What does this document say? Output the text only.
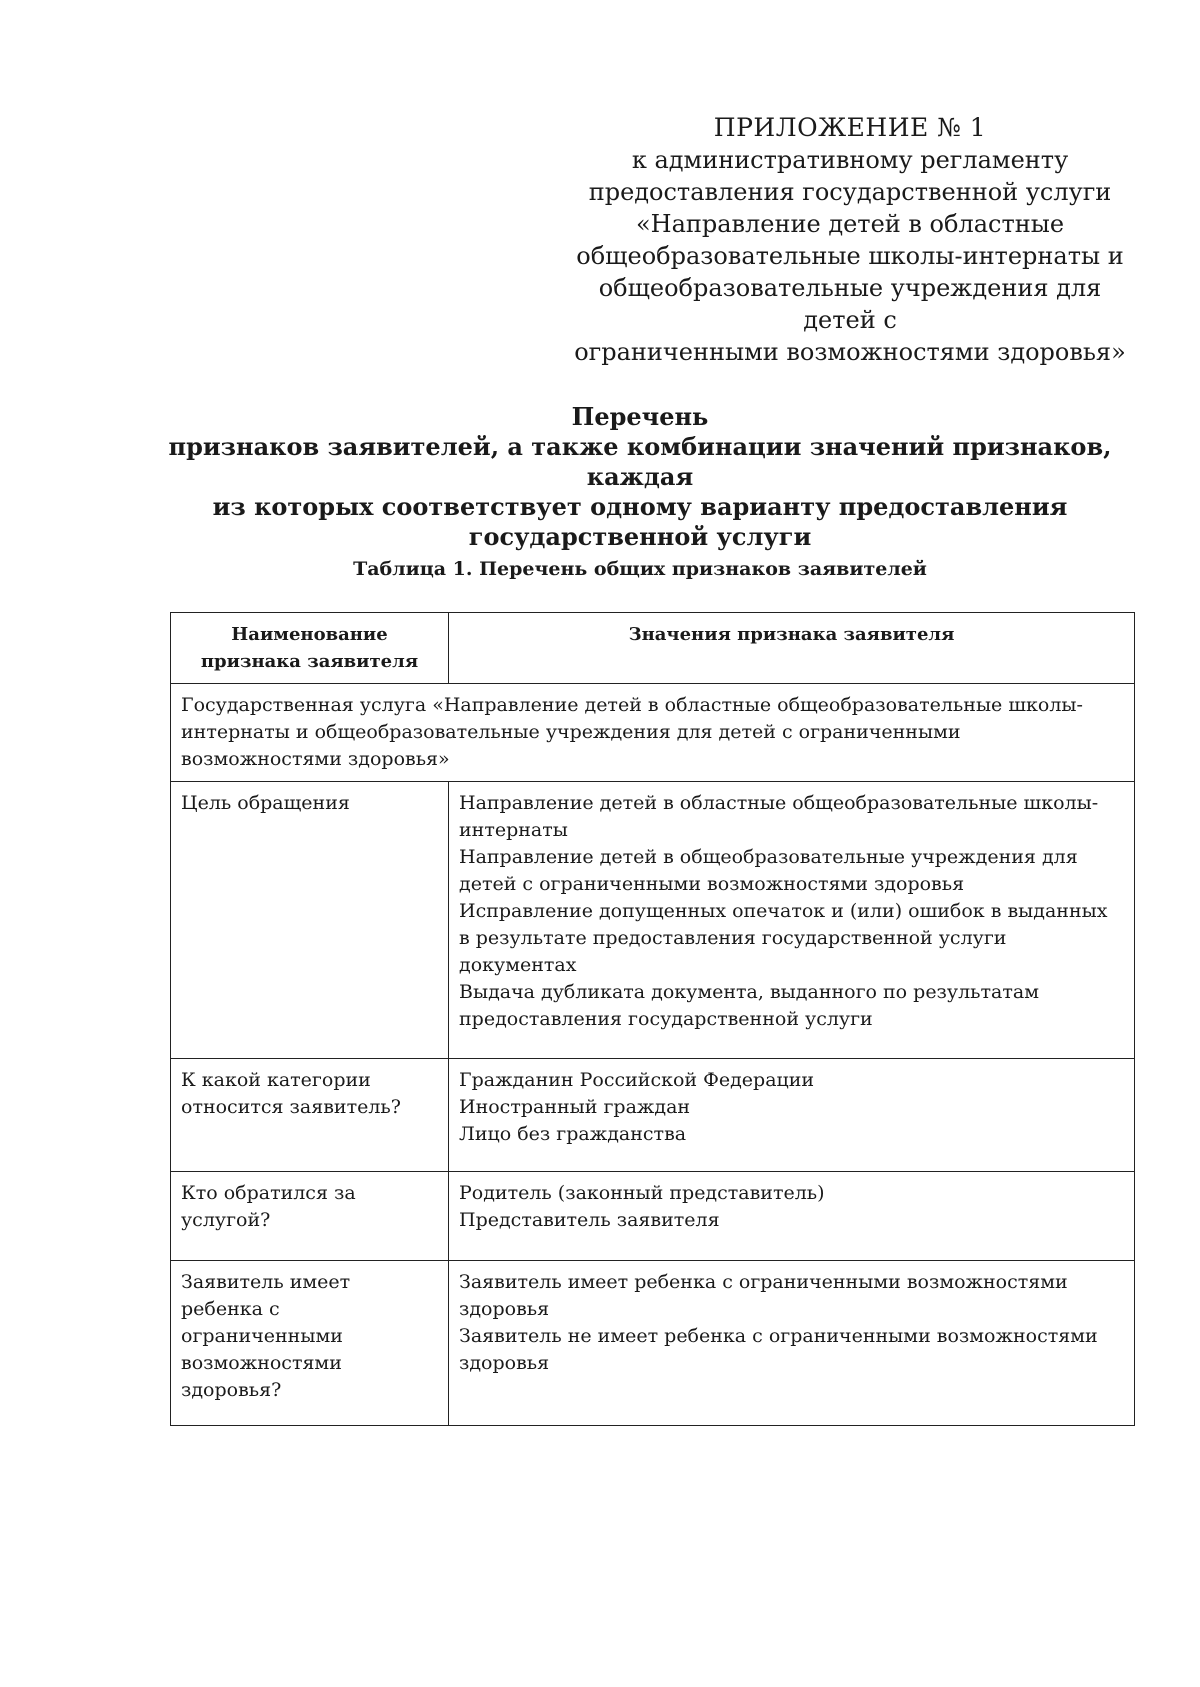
ПРИЛОЖЕНИЕ № 1
к административному регламенту
предоставления государственной услуги
«Направление детей в областные
общеобразовательные школы-интернаты и
общеобразовательные учреждения для детей с
ограниченными возможностями здоровья»
Перечень
признаков заявителей, а также комбинации значений признаков, каждая
из которых соответствует одному варианту предоставления
государственной услуги
Таблица 1. Перечень общих признаков заявителей
Наименование признака заявителя	Значения признака заявителя
Государственная услуга «Направление детей в областные общеобразовательные школы-интернаты и общеобразовательные учреждения для детей с ограниченными возможностями здоровья»	
Цель обращения	Направление детей в областные общеобразовательные школы-интернаты
Направление детей в общеобразовательные учреждения для детей с ограниченными возможностями здоровья
Исправление допущенных опечаток и (или) ошибок в выданных в результате предоставления государственной услуги документах
Выдача дубликата документа, выданного по результатам предоставления государственной услуги

К какой категории относится заявитель?	Гражданин Российской Федерации
Иностранный граждан
Лицо без гражданства

Кто обратился за услугой?	Родитель (законный представитель)
Представитель заявителя

Заявитель имеет ребенка с ограниченными возможностями здоровья?	Заявитель имеет ребенка с ограниченными возможностями здоровья
Заявитель не имеет ребенка с ограниченными возможностями здоровья
